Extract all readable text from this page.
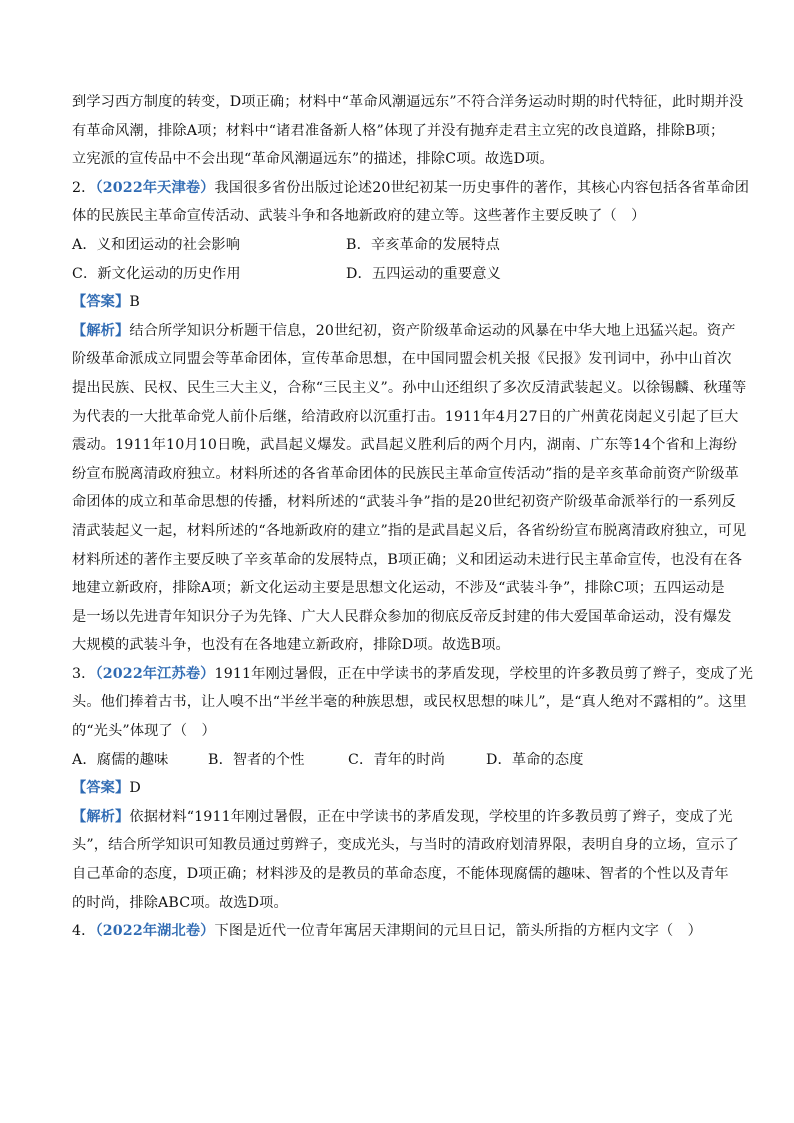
到学习西方制度的转变，D项正确；材料中“革命风潮逼远东”不符合洋务运动时期的时代特征，此时期并没
有革命风潮，排除A项；材料中“诸君准备新人格”体现了并没有抛弃走君主立宪的改良道路，排除B项；
立宪派的宣传品中不会出现“革命风潮逼远东”的描述，排除C项。故选D项。
2．（2022年天津卷）我国很多省份出版过论述20世纪初某一历史事件的著作，其核心内容包括各省革命团
体的民族民主革命宣传活动、武装斗争和各地新政府的建立等。这些著作主要反映了（　）
A．义和团运动的社会影响	B．辛亥革命的发展特点
C．新文化运动的历史作用	D．五四运动的重要意义
【答案】B
【解析】结合所学知识分析题干信息，20世纪初，资产阶级革命运动的风暴在中华大地上迅猛兴起。资产
阶级革命派成立同盟会等革命团体，宣传革命思想，在中国同盟会机关报《民报》发刊词中，孙中山首次
提出民族、民权、民生三大主义，合称“三民主义”。孙中山还组织了多次反清武装起义。以徐锡麟、秋瑾等
为代表的一大批革命党人前仆后继，给清政府以沉重打击。1911年4月27日的广州黄花岗起义引起了巨大
震动。1911年10月10日晚，武昌起义爆发。武昌起义胜利后的两个月内，湖南、广东等14个省和上海纷
纷宣布脱离清政府独立。材料所述的各省革命团体的民族民主革命宣传活动”指的是辛亥革命前资产阶级革
命团体的成立和革命思想的传播，材料所述的“武装斗争”指的是20世纪初资产阶级革命派举行的一系列反
清武装起义一起，材料所述的“各地新政府的建立”指的是武昌起义后，各省纷纷宣布脱离清政府独立，可见
材料所述的著作主要反映了辛亥革命的发展特点，B项正确；义和团运动未进行民主革命宣传，也没有在各
地建立新政府，排除A项；新文化运动主要是思想文化运动，不涉及“武装斗争”，排除C项；五四运动是
是一场以先进青年知识分子为先锋、广大人民群众参加的彻底反帝反封建的伟大爱国革命运动，没有爆发
大规模的武装斗争，也没有在各地建立新政府，排除D项。故选B项。
3．（2022年江苏卷）1911年刚过暑假，正在中学读书的茅盾发现，学校里的许多教员剪了辫子，变成了光
头。他们捧着古书，让人嗅不出“半丝半毫的种族思想，或民权思想的味儿”，是“真人绝对不露相的”。这里
的“光头”体现了（　）
A．腐儒的趣味	B．智者的个性	C．青年的时尚	D．革命的态度
【答案】D
【解析】依据材料“1911年刚过暑假，正在中学读书的茅盾发现，学校里的许多教员剪了辫子，变成了光
头”，结合所学知识可知教员通过剪辫子，变成光头，与当时的清政府划清界限，表明自身的立场，宣示了
自己革命的态度，D项正确；材料涉及的是教员的革命态度，不能体现腐儒的趣味、智者的个性以及青年
的时尚，排除ABC项。故选D项。
4．（2022年湖北卷）下图是近代一位青年寓居天津期间的元旦日记，箭头所指的方框内文字（　）
